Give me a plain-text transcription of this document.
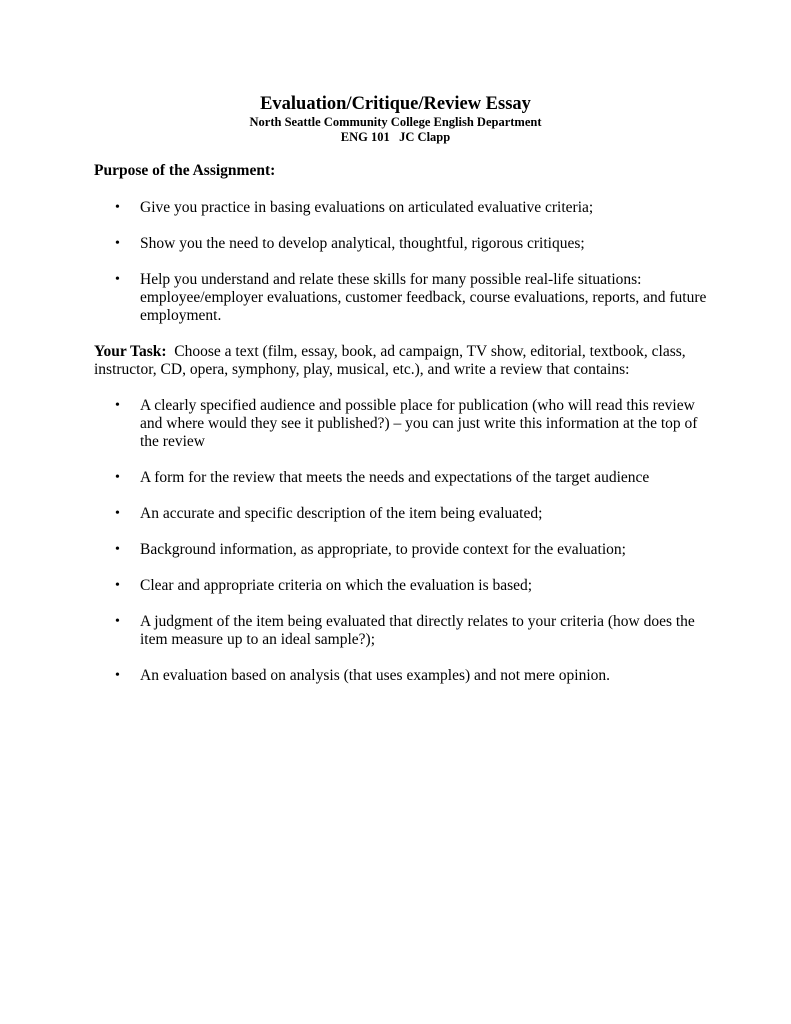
Evaluation/Critique/Review Essay

North Seattle Community College English Department

ENG 101   JC Clapp

Purpose of the Assignment:

• Give you practice in basing evaluations on articulated evaluative criteria;
• Show you the need to develop analytical, thoughtful, rigorous critiques;
• Help you understand and relate these skills for many possible real-life situations: employee/employer evaluations, customer feedback, course evaluations, reports, and future employment.

Your Task: Choose a text (film, essay, book, ad campaign, TV show, editorial, textbook, class, instructor, CD, opera, symphony, play, musical, etc.), and write a review that contains:

• A clearly specified audience and possible place for publication (who will read this review and where would they see it published?) – you can just write this information at the top of the review
• A form for the review that meets the needs and expectations of the target audience
• An accurate and specific description of the item being evaluated;
• Background information, as appropriate, to provide context for the evaluation;
• Clear and appropriate criteria on which the evaluation is based;
• A judgment of the item being evaluated that directly relates to your criteria (how does the item measure up to an ideal sample?);
• An evaluation based on analysis (that uses examples) and not mere opinion.
